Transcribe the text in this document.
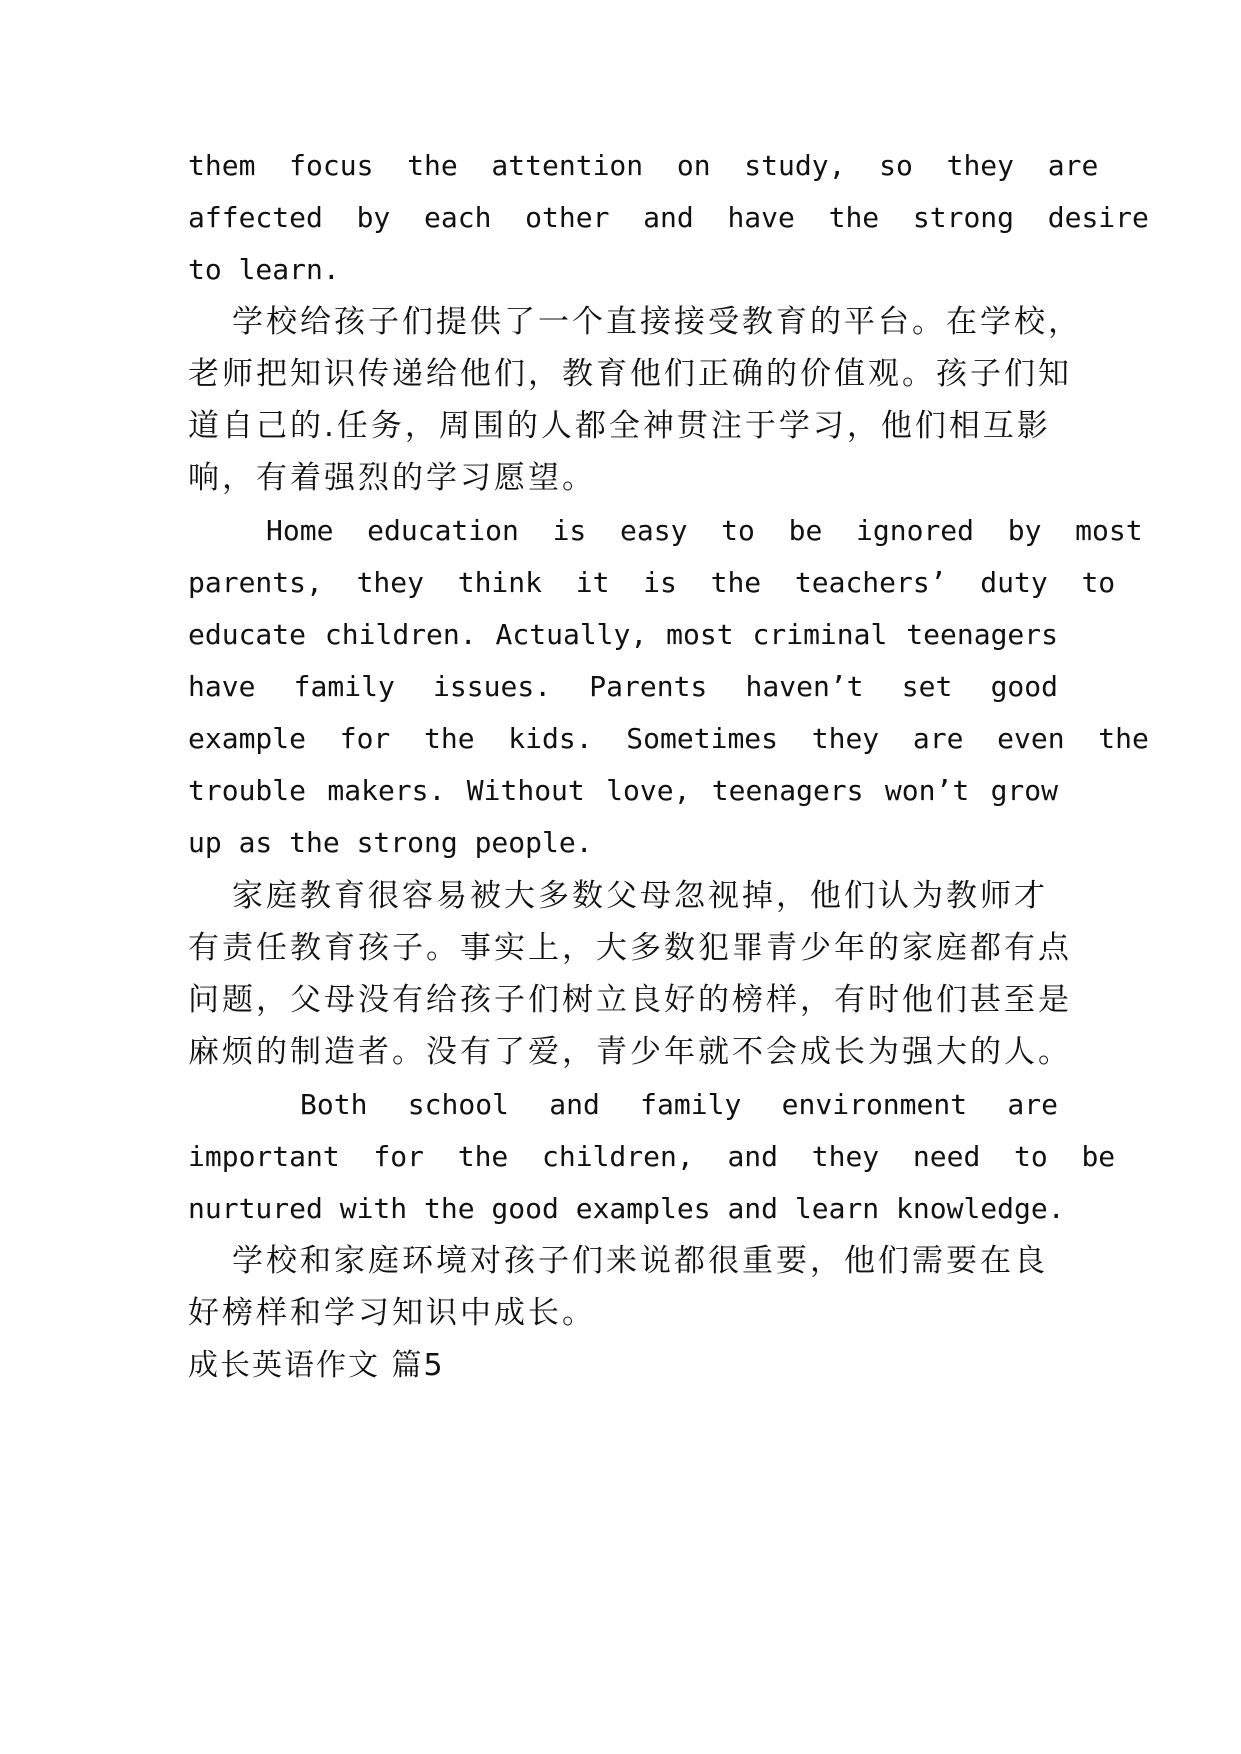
them  focus  the  attention  on  study,  so  they  are
affected  by  each  other  and  have  the  strong  desire
to learn.
学校给孩子们提供了一个直接接受教育的平台。在学校，
老师把知识传递给他们，教育他们正确的价值观。孩子们知
道自己的.任务，周围的人都全神贯注于学习，他们相互影
响，有着强烈的学习愿望。
Home  education  is  easy  to  be  ignored  by  most
parents,  they  think  it  is  the  teachers’  duty  to
educate children. Actually, most criminal teenagers
have  family  issues.  Parents  haven’t  set  good
example  for  the  kids.  Sometimes  they  are  even  the
trouble makers. Without love, teenagers won’t grow
up as the strong people.
家庭教育很容易被大多数父母忽视掉，他们认为教师才
有责任教育孩子。事实上，大多数犯罪青少年的家庭都有点
问题，父母没有给孩子们树立良好的榜样，有时他们甚至是
麻烦的制造者。没有了爱，青少年就不会成长为强大的人。
Both  school  and  family  environment  are
important  for  the  children,  and  they  need  to  be
nurtured with the good examples and learn knowledge.
学校和家庭环境对孩子们来说都很重要，他们需要在良
好榜样和学习知识中成长。
成长英语作文 篇5
